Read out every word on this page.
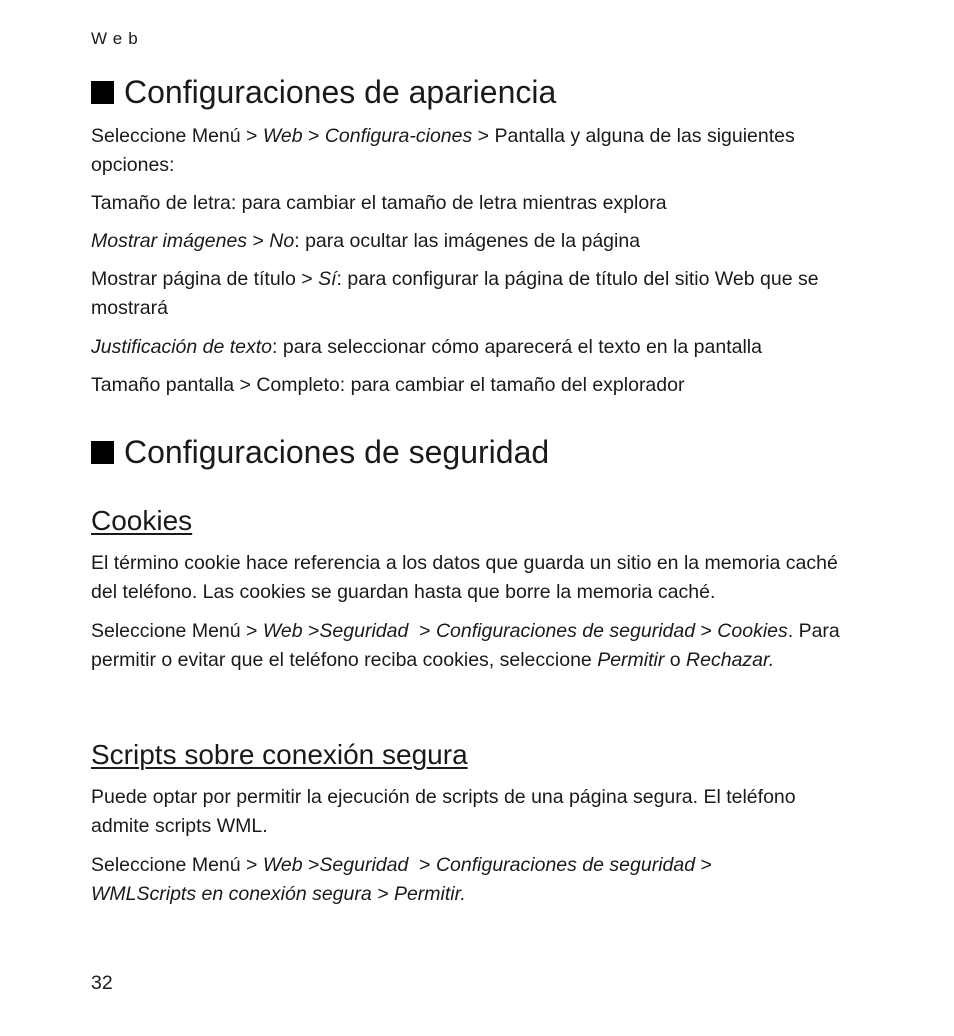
Web
Configuraciones de apariencia

Seleccione Menú > Web > Configura-ciones > Pantalla y alguna de las siguientes opciones:

Tamaño de letra: para cambiar el tamaño de letra mientras explora

Mostrar imágenes > No: para ocultar las imágenes de la página

Mostrar página de título > Sí: para configurar la página de título del sitio Web que se mostrará

Justificación de texto: para seleccionar cómo aparecerá el texto en la pantalla

Tamaño pantalla > Completo: para cambiar el tamaño del explorador

Configuraciones de seguridad
Cookies

El término cookie hace referencia a los datos que guarda un sitio en la memoria caché del teléfono. Las cookies se guardan hasta que borre la memoria caché.

Seleccione Menú > Web >Seguridad  > Configuraciones de seguridad > Cookies. Para permitir o evitar que el teléfono reciba cookies, seleccione Permitir o Rechazar.

Scripts sobre conexión segura

Puede optar por permitir la ejecución de scripts de una página segura. El teléfono admite scripts WML.

Seleccione Menú > Web >Seguridad  > Configuraciones de seguridad >
WMLScripts en conexión segura > Permitir.

32
